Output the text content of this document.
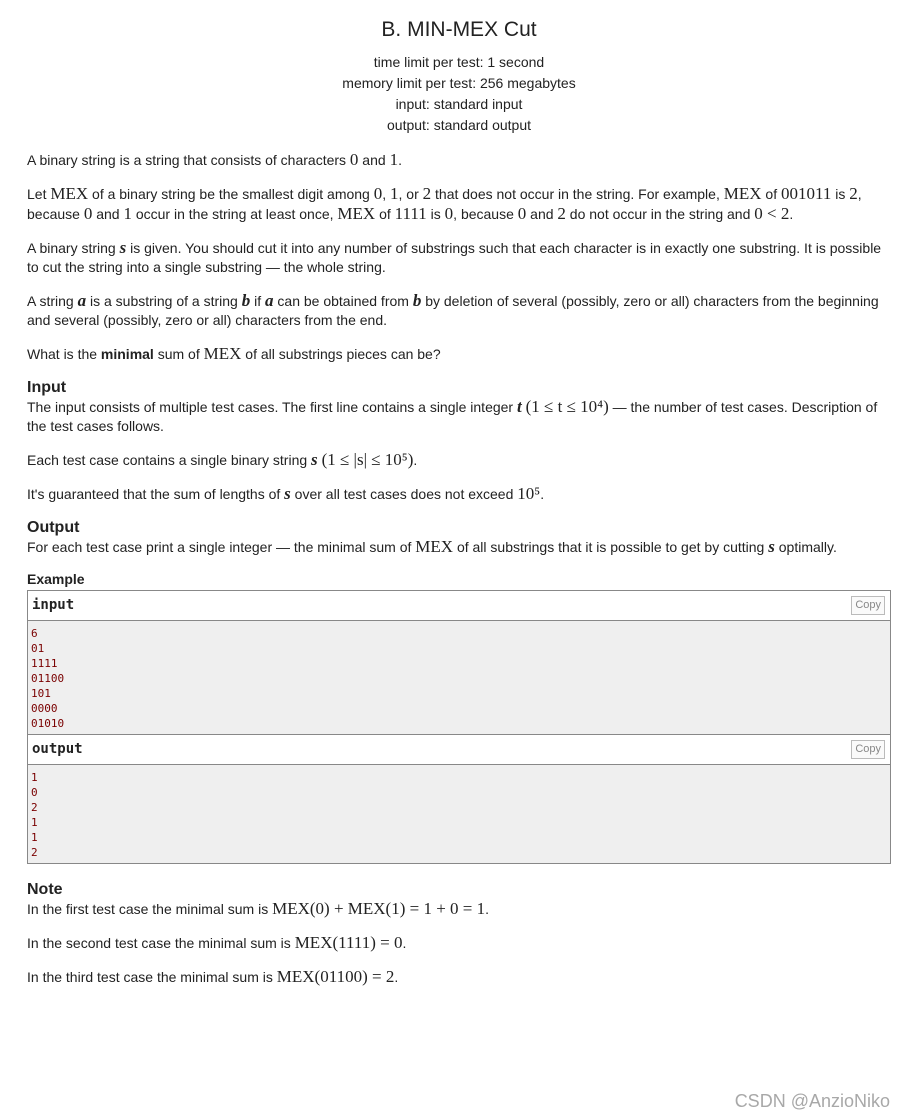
B. MIN-MEX Cut
time limit per test: 1 second
memory limit per test: 256 megabytes
input: standard input
output: standard output

A binary string is a string that consists of characters 0 and 1.

Let MEX of a binary string be the smallest digit among 0, 1, or 2 that does not occur in the string. For example, MEX of 001011 is 2, because 0 and 1 occur in the string at least once, MEX of 1111 is 0, because 0 and 2 do not occur in the string and 0 < 2.

A binary string s is given. You should cut it into any number of substrings such that each character is in exactly one substring. It is possible to cut the string into a single substring — the whole string.

A string a is a substring of a string b if a can be obtained from b by deletion of several (possibly, zero or all) characters from the beginning and several (possibly, zero or all) characters from the end.

What is the minimal sum of MEX of all substrings pieces can be?

Input

The input consists of multiple test cases. The first line contains a single integer t (1 ≤ t ≤ 10⁴) — the number of test cases. Description of the test cases follows.

Each test case contains a single binary string s (1 ≤ |s| ≤ 10⁵).

It's guaranteed that the sum of lengths of s over all test cases does not exceed 10⁵.

Output

For each test case print a single integer — the minimal sum of MEX of all substrings that it is possible to get by cutting s optimally.

Example
input	Copy
6
01
1111
01100
101
0000
01010
output	Copy
1
0
2
1
1
2
Note

In the first test case the minimal sum is MEX(0) + MEX(1) = 1 + 0 = 1.

In the second test case the minimal sum is MEX(1111) = 0.

In the third test case the minimal sum is MEX(01100) = 2.

CSDN @AnzioNiko
